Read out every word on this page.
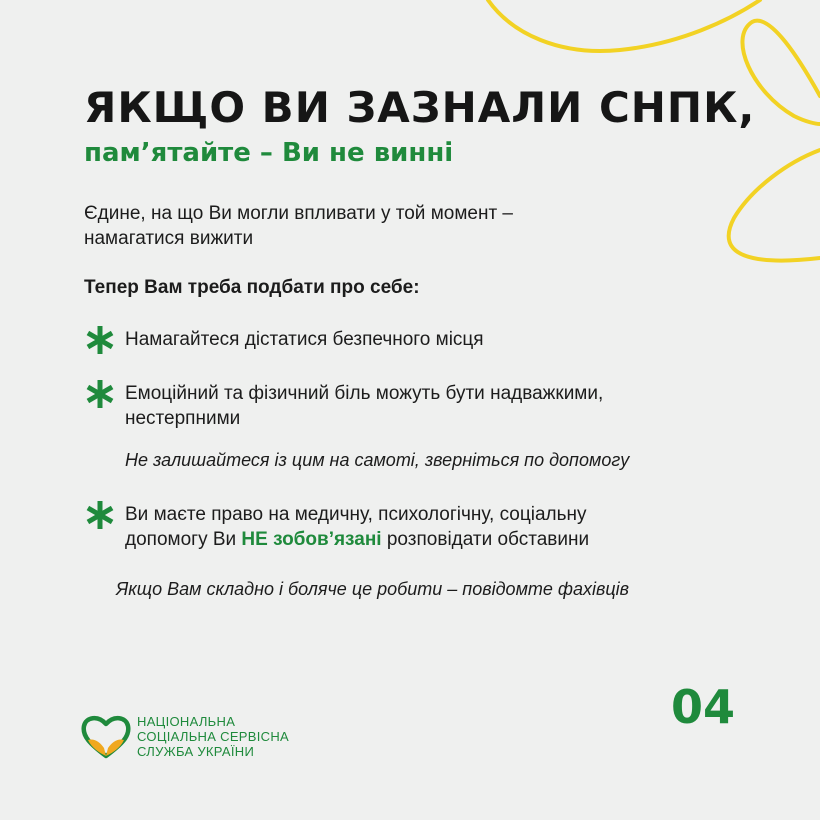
ЯКЩО ВИ ЗАЗНАЛИ СНПК,
пам’ятайте – Ви не винні
Єдине, на що Ви могли впливати у той момент –
намагатися вижити
Тепер Вам треба подбати про себе:
Намагайтеся дістатися безпечного місця
Емоційний та фізичний біль можуть бути надважкими,
нестерпними
Не залишайтеся із цим на самоті, зверніться по допомогу
Ви маєте право на медичну, психологічну, соціальну
допомогу Ви НЕ зобов’язані розповідати обставини
Якщо Вам складно і боляче це робити – повідомте фахівців
НАЦІОНАЛЬНА
СОЦІАЛЬНА СЕРВІСНА
СЛУЖБА УКРАЇНИ
04
